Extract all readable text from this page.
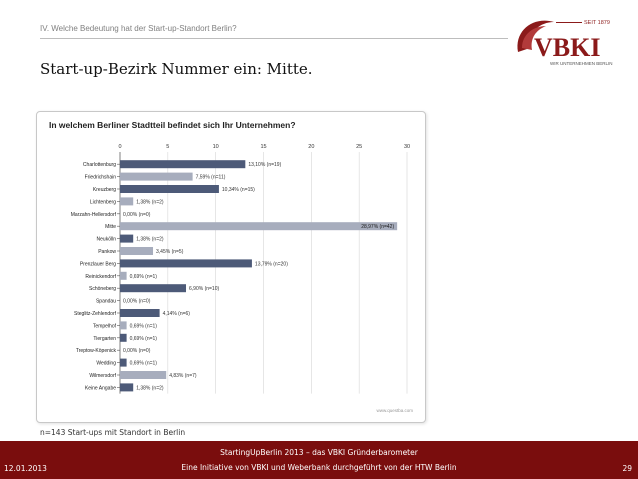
IV. Welche Bedeutung hat der Start-up-Standort Berlin?
Start-up-Bezirk Nummer ein: Mitte.
SEIT 1879
VBKI
WIR UNTERNEHMEN BERLIN
In welchem Berliner Stadtteil befindet sich Ihr Unternehmen?
0	5	10	15	20	25	30
Charlottenburg	13,10% (n=19)
Friedrichshain	7,59% (n=11)
Kreuzberg	10,34% (n=15)
Lichtenberg	1,38% (n=2)
Marzahn-Hellersdorf 0,00% (n=0)
Mitte	28,97% (n=42)
Neukölln	1,38% (n=2)
Pankow	3,45% (n=5)
Prenzlauer Berg	13,79% (n=20)
Reinickendorf	0,69% (n=1)
Schöneberg	6,90% (n=10)
Spandau 0,00% (n=0)
Steglitz-Zehlendorf	4,14% (n=6)
Tempelhof	0,69% (n=1)
Tiergarten	0,69% (n=1)
Treptow-Köpenick 0,00% (n=0)
Wedding	0,69% (n=1)
Wilmersdorf	4,83% (n=7)
Keine Angabe	1,38% (n=2)
www.questba.com
n=143 Start-ups mit Standort in Berlin
StartingUpBerlin 2013 – das VBKI Gründerbarometer
Eine Initiative von VBKI und Weberbank durchgeführt von der HTW Berlin
12.01.2013	29
